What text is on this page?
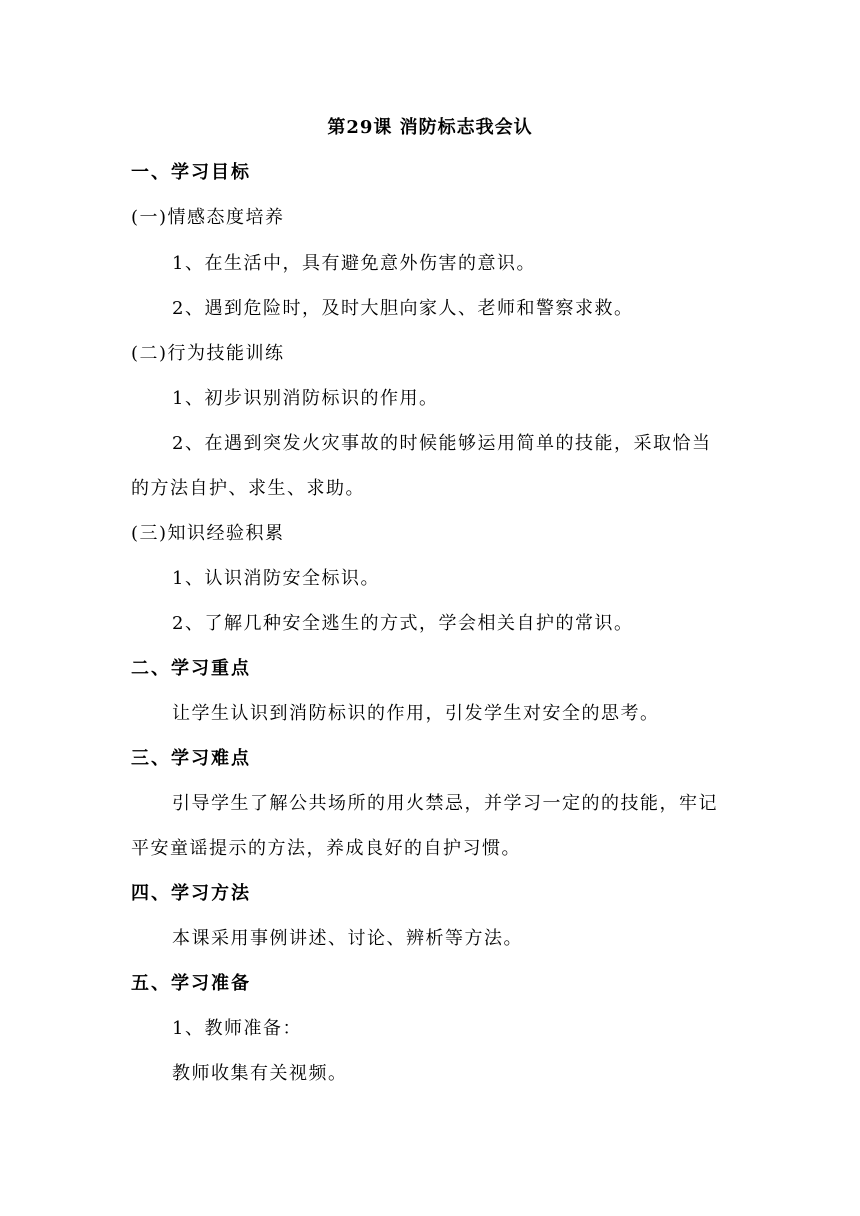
第29课 消防标志我会认
一、学习目标
(一)情感态度培养
1、在生活中，具有避免意外伤害的意识。
2、遇到危险时，及时大胆向家人、老师和警察求救。
(二)行为技能训练
1、初步识别消防标识的作用。
2、在遇到突发火灾事故的时候能够运用简单的技能，采取恰当
的方法自护、求生、求助。
(三)知识经验积累
1、认识消防安全标识。
2、了解几种安全逃生的方式，学会相关自护的常识。
二、学习重点
让学生认识到消防标识的作用，引发学生对安全的思考。
三、学习难点
引导学生了解公共场所的用火禁忌，并学习一定的的技能，牢记
平安童谣提示的方法，养成良好的自护习惯。
四、学习方法
本课采用事例讲述、讨论、辨析等方法。
五、学习准备
1、教师准备：
教师收集有关视频。
